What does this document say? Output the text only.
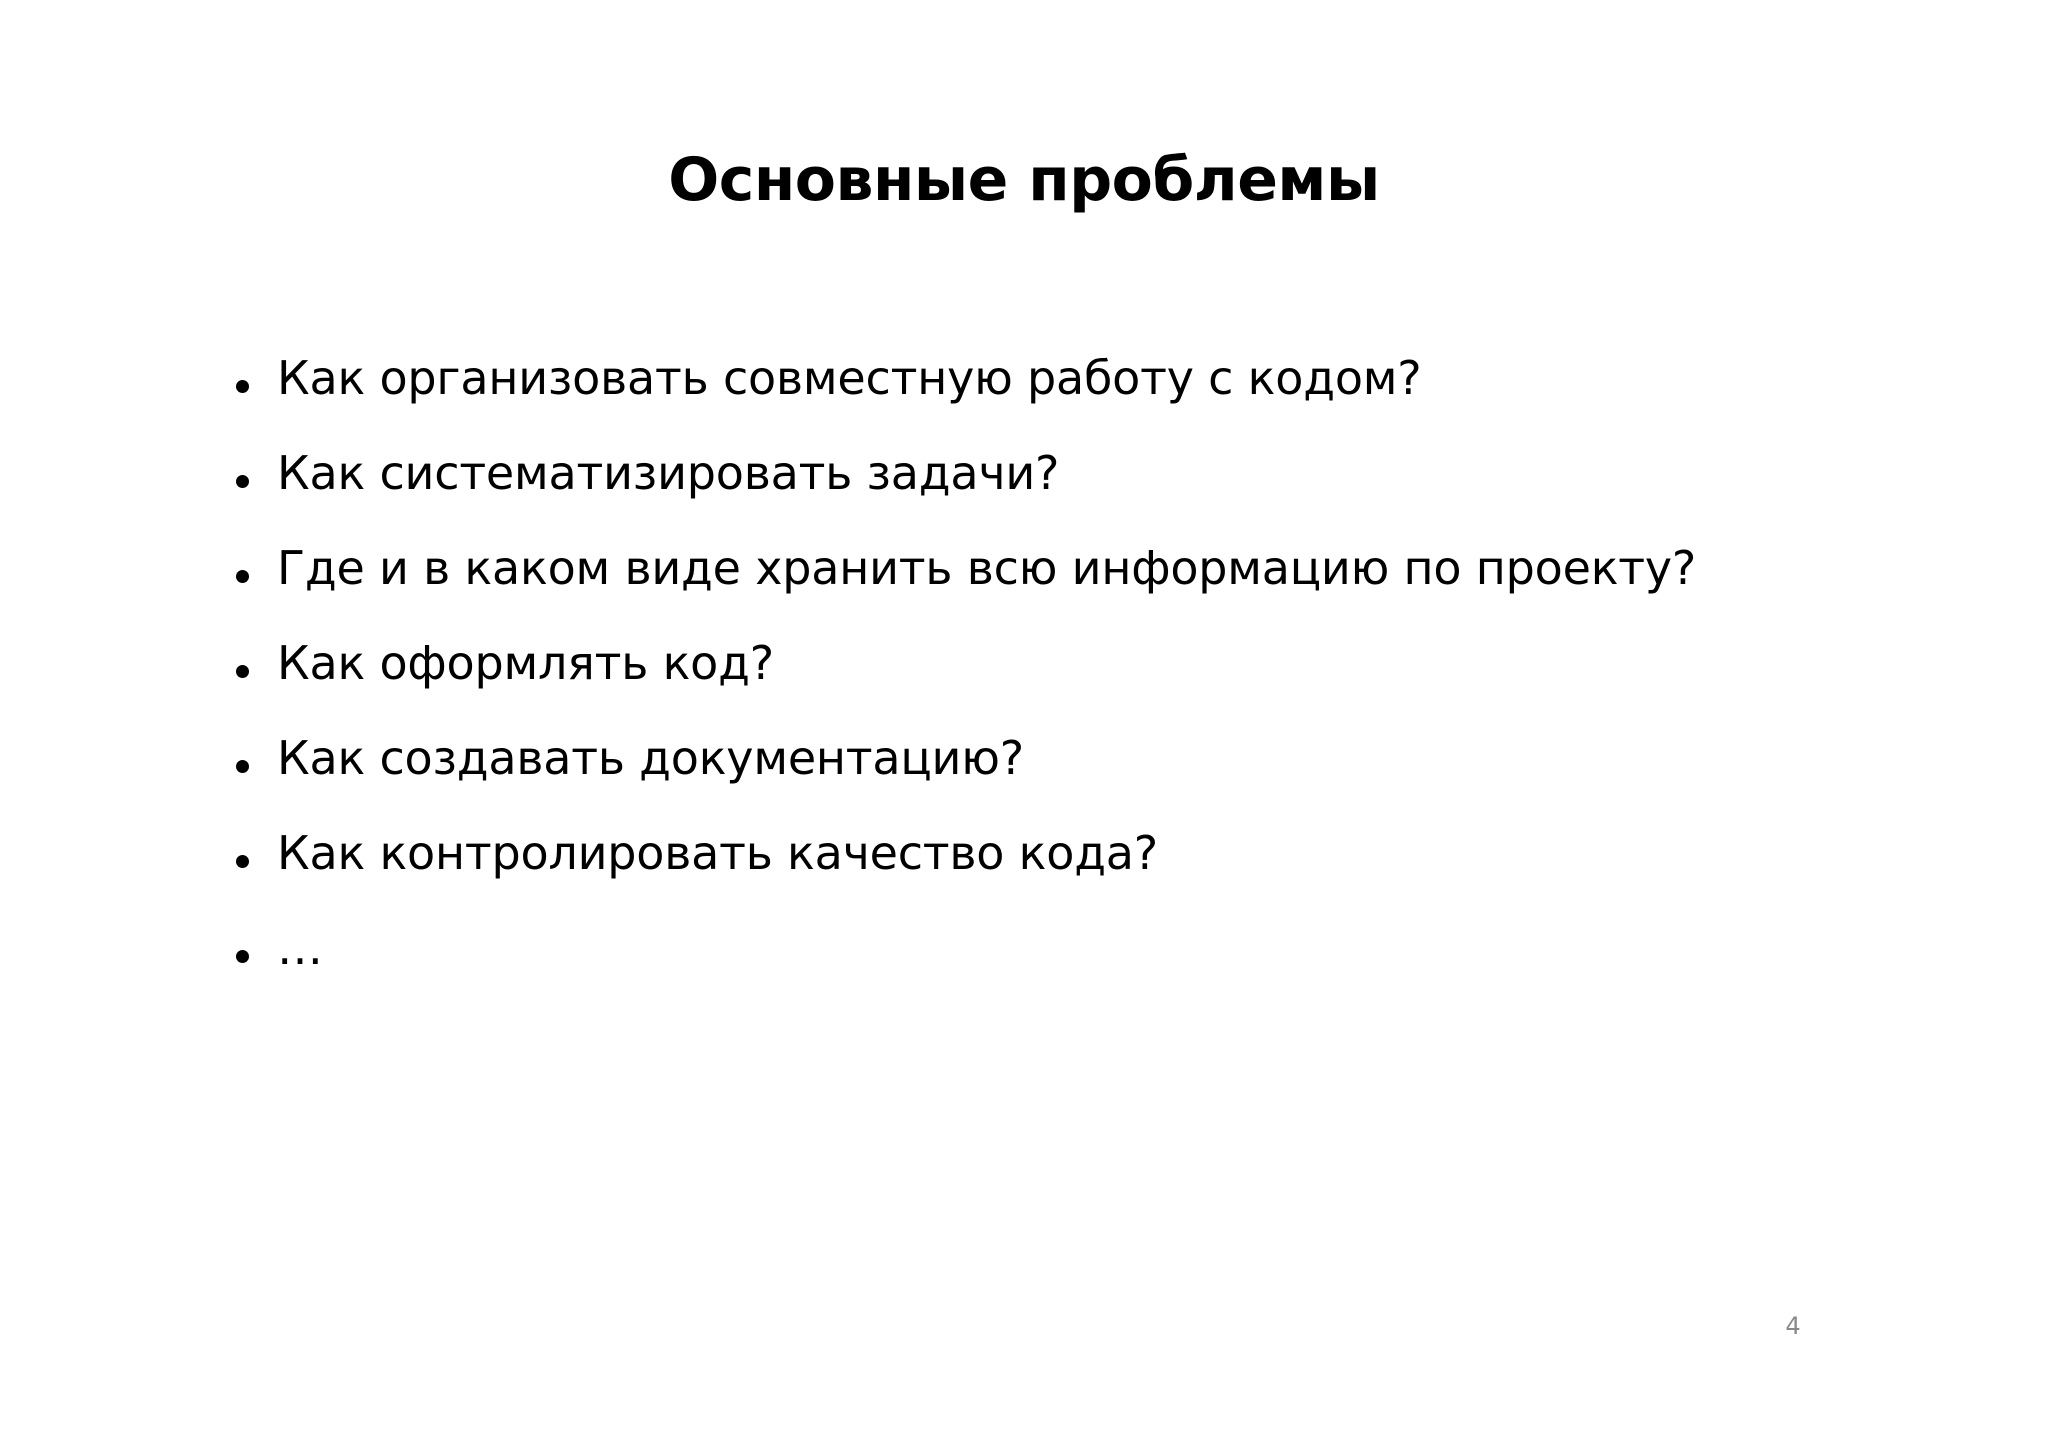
Основные проблемы
Как организовать совместную работу с кодом?
Как систематизировать задачи?
Где и в каком виде хранить всю информацию по проекту?
Как оформлять код?
Как создавать документацию?
Как контролировать качество кода?
…
4
